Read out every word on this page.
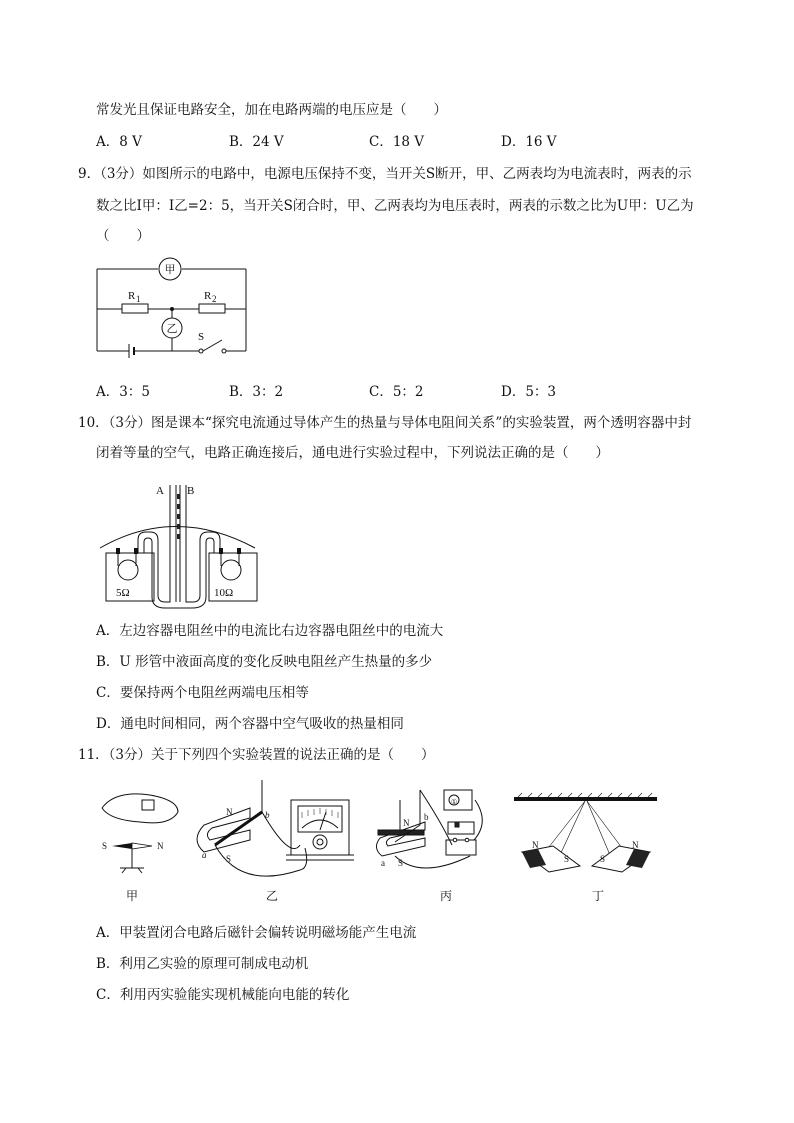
常发光且保证电路安全，加在电路两端的电压应是（　　）
A．8 V	B．24 V	C．18 V	D．16 V
9．（3分）如图所示的电路中，电源电压保持不变，当开关S断开，甲、乙两表均为电流表时，两表的示
数之比I甲：I乙=2：5，当开关S闭合时，甲、乙两表均为电压表时，两表的示数之比为U甲：U乙为
（　　）
甲
乙
R 1	R 2
S
A．3：5	B．3：2	C．5：2	D．5：3
10．（3分）图是课本“探究电流通过导体产生的热量与导体电阻间关系”的实验装置，两个透明容器中封
闭着等量的空气，电路正确连接后，通电进行实验过程中，下列说法正确的是（　　）
A B
5Ω	10Ω
A．左边容器电阻丝中的电流比右边容器电阻丝中的电流大
B．U 形管中液面高度的变化反映电阻丝产生热量的多少
C．要保持两个电阻丝两端电压相等
D．通电时间相同，两个容器中空气吸收的热量相同
11．（3分）关于下列四个实验装置的说法正确的是（　　）
S	N
N
S
a
b
①
N
S
a
b
N
S	S
N
甲	乙	丙	丁
A．甲装置闭合电路后磁针会偏转说明磁场能产生电流
B．利用乙实验的原理可制成电动机
C．利用丙实验能实现机械能向电能的转化
